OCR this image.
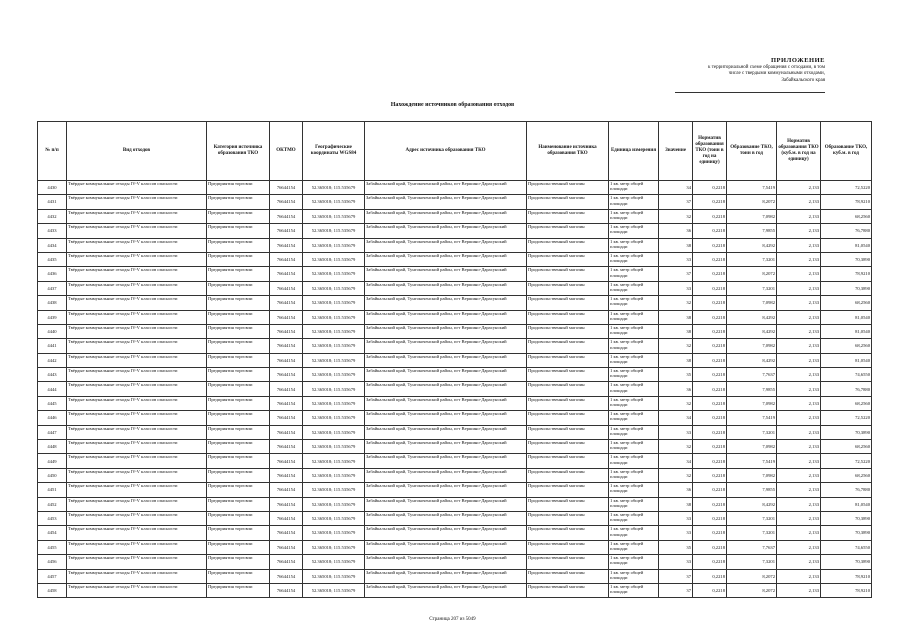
ПРИЛОЖЕНИЕ
к территориальной схеме обращения с отходами, в том
числе с твердыми коммунальными отходами,
Забайкальского края
Нахождение источников образования отходов
№ п/п	Вид отходов	Категория источника образования ТКО	ОКТМО	Географические координаты WGS84	Адрес источника образования ТКО	Наименование источника образования ТКО	Единица измерения	Значение	Норматив образования ТКО (тонн в год на единицу)	Образование ТКО, тонн в год	Норматив образования ТКО (куб.м. в год на единицу)	Образование ТКО, куб.м. в год
4430	Твёрдые коммунальные отходы IV-V классов опасности	Предприятия торговли	76644154	52.365018; 115.535679	Забайкальский край, Тунгокоченский район, пгт Вершино-Дарасунский	Продовольственный магазин	1 кв. метр общей площади	34	0,2218	7,5419	2,133	72,5220
4431	Твёрдые коммунальные отходы IV-V классов опасности	Предприятия торговли	76644154	52.365018; 115.535679	Забайкальский край, Тунгокоченский район, пгт Вершино-Дарасунский	Продовольственный магазин	1 кв. метр общей площади	37	0,2218	8,2072	2,133	78,9210
4432	Твёрдые коммунальные отходы IV-V классов опасности	Предприятия торговли	76644154	52.365018; 115.535679	Забайкальский край, Тунгокоченский район, пгт Вершино-Дарасунский	Продовольственный магазин	1 кв. метр общей площади	32	0,2218	7,0982	2,133	68,2560
4433	Твёрдые коммунальные отходы IV-V классов опасности	Предприятия торговли	76644154	52.365018; 115.535679	Забайкальский край, Тунгокоченский район, пгт Вершино-Дарасунский	Продовольственный магазин	1 кв. метр общей площади	36	0,2218	7,9855	2,133	76,7880
4434	Твёрдые коммунальные отходы IV-V классов опасности	Предприятия торговли	76644154	52.365018; 115.535679	Забайкальский край, Тунгокоченский район, пгт Вершино-Дарасунский	Продовольственный магазин	1 кв. метр общей площади	38	0,2218	8,4292	2,133	81,0540
4435	Твёрдые коммунальные отходы IV-V классов опасности	Предприятия торговли	76644154	52.365018; 115.535679	Забайкальский край, Тунгокоченский район, пгт Вершино-Дарасунский	Продовольственный магазин	1 кв. метр общей площади	33	0,2218	7,3201	2,133	70,3890
4436	Твёрдые коммунальные отходы IV-V классов опасности	Предприятия торговли	76644154	52.365018; 115.535679	Забайкальский край, Тунгокоченский район, пгт Вершино-Дарасунский	Продовольственный магазин	1 кв. метр общей площади	37	0,2218	8,2072	2,133	78,9210
4437	Твёрдые коммунальные отходы IV-V классов опасности	Предприятия торговли	76644154	52.365018; 115.535679	Забайкальский край, Тунгокоченский район, пгт Вершино-Дарасунский	Продовольственный магазин	1 кв. метр общей площади	33	0,2218	7,3201	2,133	70,3890
4438	Твёрдые коммунальные отходы IV-V классов опасности	Предприятия торговли	76644154	52.365018; 115.535679	Забайкальский край, Тунгокоченский район, пгт Вершино-Дарасунский	Продовольственный магазин	1 кв. метр общей площади	32	0,2218	7,0982	2,133	68,2560
4439	Твёрдые коммунальные отходы IV-V классов опасности	Предприятия торговли	76644154	52.365018; 115.535679	Забайкальский край, Тунгокоченский район, пгт Вершино-Дарасунский	Продовольственный магазин	1 кв. метр общей площади	38	0,2218	8,4292	2,133	81,0540
4440	Твёрдые коммунальные отходы IV-V классов опасности	Предприятия торговли	76644154	52.365018; 115.535679	Забайкальский край, Тунгокоченский район, пгт Вершино-Дарасунский	Продовольственный магазин	1 кв. метр общей площади	38	0,2218	8,4292	2,133	81,0540
4441	Твёрдые коммунальные отходы IV-V классов опасности	Предприятия торговли	76644154	52.365018; 115.535679	Забайкальский край, Тунгокоченский район, пгт Вершино-Дарасунский	Продовольственный магазин	1 кв. метр общей площади	32	0,2218	7,0982	2,133	68,2560
4442	Твёрдые коммунальные отходы IV-V классов опасности	Предприятия торговли	76644154	52.365018; 115.535679	Забайкальский край, Тунгокоченский район, пгт Вершино-Дарасунский	Продовольственный магазин	1 кв. метр общей площади	38	0,2218	8,4292	2,133	81,0540
4443	Твёрдые коммунальные отходы IV-V классов опасности	Предприятия торговли	76644154	52.365018; 115.535679	Забайкальский край, Тунгокоченский район, пгт Вершино-Дарасунский	Продовольственный магазин	1 кв. метр общей площади	35	0,2218	7,7637	2,133	74,6550
4444	Твёрдые коммунальные отходы IV-V классов опасности	Предприятия торговли	76644154	52.365018; 115.535679	Забайкальский край, Тунгокоченский район, пгт Вершино-Дарасунский	Продовольственный магазин	1 кв. метр общей площади	36	0,2218	7,9855	2,133	76,7880
4445	Твёрдые коммунальные отходы IV-V классов опасности	Предприятия торговли	76644154	52.365018; 115.535679	Забайкальский край, Тунгокоченский район, пгт Вершино-Дарасунский	Продовольственный магазин	1 кв. метр общей площади	32	0,2218	7,0982	2,133	68,2560
4446	Твёрдые коммунальные отходы IV-V классов опасности	Предприятия торговли	76644154	52.365018; 115.535679	Забайкальский край, Тунгокоченский район, пгт Вершино-Дарасунский	Продовольственный магазин	1 кв. метр общей площади	34	0,2218	7,5419	2,133	72,5220
4447	Твёрдые коммунальные отходы IV-V классов опасности	Предприятия торговли	76644154	52.365018; 115.535679	Забайкальский край, Тунгокоченский район, пгт Вершино-Дарасунский	Продовольственный магазин	1 кв. метр общей площади	33	0,2218	7,3201	2,133	70,3890
4448	Твёрдые коммунальные отходы IV-V классов опасности	Предприятия торговли	76644154	52.365018; 115.535679	Забайкальский край, Тунгокоченский район, пгт Вершино-Дарасунский	Продовольственный магазин	1 кв. метр общей площади	32	0,2218	7,0982	2,133	68,2560
4449	Твёрдые коммунальные отходы IV-V классов опасности	Предприятия торговли	76644154	52.365018; 115.535679	Забайкальский край, Тунгокоченский район, пгт Вершино-Дарасунский	Продовольственный магазин	1 кв. метр общей площади	34	0,2218	7,5419	2,133	72,5220
4450	Твёрдые коммунальные отходы IV-V классов опасности	Предприятия торговли	76644154	52.365018; 115.535679	Забайкальский край, Тунгокоченский район, пгт Вершино-Дарасунский	Продовольственный магазин	1 кв. метр общей площади	32	0,2218	7,0982	2,133	68,2560
4451	Твёрдые коммунальные отходы IV-V классов опасности	Предприятия торговли	76644154	52.365018; 115.535679	Забайкальский край, Тунгокоченский район, пгт Вершино-Дарасунский	Продовольственный магазин	1 кв. метр общей площади	36	0,2218	7,9855	2,133	76,7880
4452	Твёрдые коммунальные отходы IV-V классов опасности	Предприятия торговли	76644154	52.365018; 115.535679	Забайкальский край, Тунгокоченский район, пгт Вершино-Дарасунский	Продовольственный магазин	1 кв. метр общей площади	38	0,2218	8,4292	2,133	81,0540
4453	Твёрдые коммунальные отходы IV-V классов опасности	Предприятия торговли	76644154	52.365018; 115.535679	Забайкальский край, Тунгокоченский район, пгт Вершино-Дарасунский	Продовольственный магазин	1 кв. метр общей площади	33	0,2218	7,3201	2,133	70,3890
4454	Твёрдые коммунальные отходы IV-V классов опасности	Предприятия торговли	76644154	52.365018; 115.535679	Забайкальский край, Тунгокоченский район, пгт Вершино-Дарасунский	Продовольственный магазин	1 кв. метр общей площади	33	0,2218	7,3201	2,133	70,3890
4455	Твёрдые коммунальные отходы IV-V классов опасности	Предприятия торговли	76644154	52.365018; 115.535679	Забайкальский край, Тунгокоченский район, пгт Вершино-Дарасунский	Продовольственный магазин	1 кв. метр общей площади	35	0,2218	7,7637	2,133	74,6550
4456	Твёрдые коммунальные отходы IV-V классов опасности	Предприятия торговли	76644154	52.365018; 115.535679	Забайкальский край, Тунгокоченский район, пгт Вершино-Дарасунский	Продовольственный магазин	1 кв. метр общей площади	33	0,2218	7,3201	2,133	70,3890
4457	Твёрдые коммунальные отходы IV-V классов опасности	Предприятия торговли	76644154	52.365018; 115.535679	Забайкальский край, Тунгокоченский район, пгт Вершино-Дарасунский	Продовольственный магазин	1 кв. метр общей площади	37	0,2218	8,2072	2,133	78,9210
4458	Твёрдые коммунальные отходы IV-V классов опасности	Предприятия торговли	76644154	52.365018; 115.535679	Забайкальский край, Тунгокоченский район, пгт Вершино-Дарасунский	Продовольственный магазин	1 кв. метр общей площади	37	0,2218	8,2072	2,133	78,9210
Страница 207 из 5049
